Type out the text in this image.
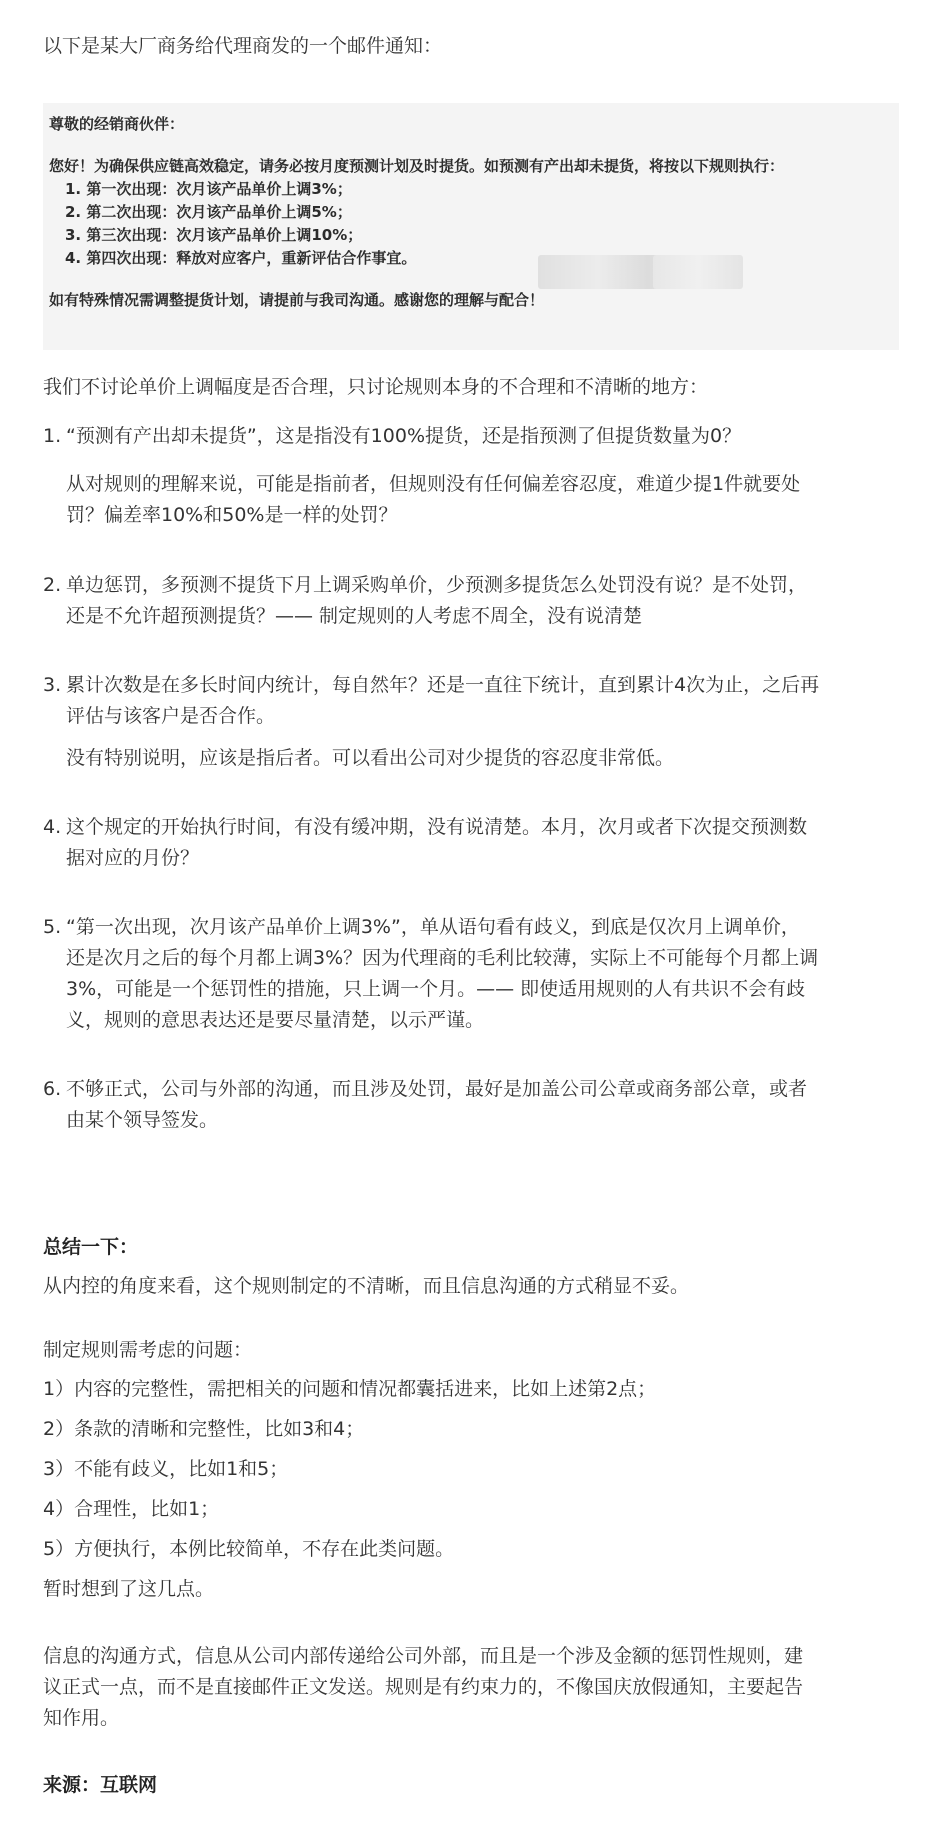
以下是某大厂商务给代理商发的一个邮件通知：

尊敬的经销商伙伴：
您好！为确保供应链高效稳定，请务必按月度预测计划及时提货。如预测有产出却未提货，将按以下规则执行：
1. 第一次出现：次月该产品单价上调3%；
2. 第二次出现：次月该产品单价上调5%；
3. 第三次出现：次月该产品单价上调10%；
4. 第四次出现：释放对应客户，重新评估合作事宜。
如有特殊情况需调整提货计划，请提前与我司沟通。感谢您的理解与配合！

我们不讨论单价上调幅度是否合理，只讨论规则本身的不合理和不清晰的地方：

1. “预测有产出却未提货”，这是指没有100%提货，还是指预测了但提货数量为0？

从对规则的理解来说，可能是指前者，但规则没有任何偏差容忍度，难道少提1件就要处

罚？偏差率10%和50%是一样的处罚？

2. 单边惩罚，多预测不提货下月上调采购单价，少预测多提货怎么处罚没有说？是不处罚，

还是不允许超预测提货？—— 制定规则的人考虑不周全，没有说清楚

3. 累计次数是在多长时间内统计，每自然年？还是一直往下统计，直到累计4次为止，之后再

评估与该客户是否合作。

没有特别说明，应该是指后者。可以看出公司对少提货的容忍度非常低。

4. 这个规定的开始执行时间，有没有缓冲期，没有说清楚。本月，次月或者下次提交预测数

据对应的月份？

5. “第一次出现，次月该产品单价上调3%”，单从语句看有歧义，到底是仅次月上调单价，

还是次月之后的每个月都上调3%？因为代理商的毛利比较薄，实际上不可能每个月都上调

3%，可能是一个惩罚性的措施，只上调一个月。—— 即使适用规则的人有共识不会有歧

义，规则的意思表达还是要尽量清楚，以示严谨。

6. 不够正式，公司与外部的沟通，而且涉及处罚，最好是加盖公司公章或商务部公章，或者

由某个领导签发。

总结一下：

从内控的角度来看，这个规则制定的不清晰，而且信息沟通的方式稍显不妥。

制定规则需考虑的问题：

1）内容的完整性，需把相关的问题和情况都囊括进来，比如上述第2点；

2）条款的清晰和完整性，比如3和4；

3）不能有歧义，比如1和5；

4）合理性，比如1；

5）方便执行，本例比较简单，不存在此类问题。

暂时想到了这几点。

信息的沟通方式，信息从公司内部传递给公司外部，而且是一个涉及金额的惩罚性规则，建

议正式一点，而不是直接邮件正文发送。规则是有约束力的，不像国庆放假通知，主要起告

知作用。

来源：互联网
